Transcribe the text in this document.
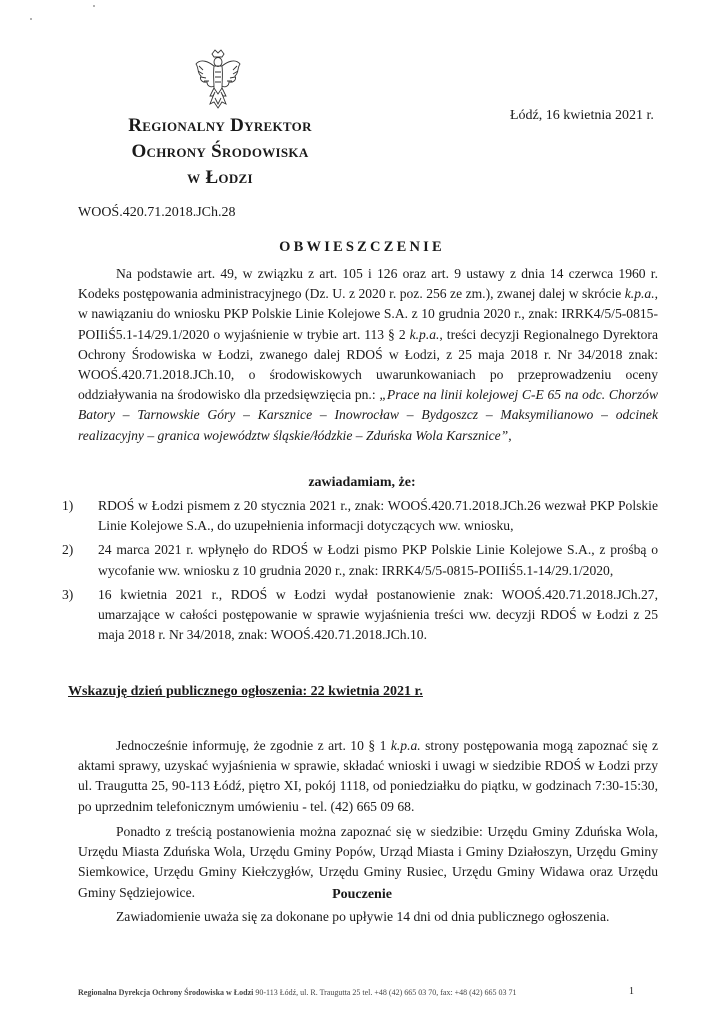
Regionalny Dyrektor
Ochrony Środowiska
w Łodzi
Łódź, 16 kwietnia 2021 r.
WOOŚ.420.71.2018.JCh.28
OBWIESZCZENIE
Na podstawie art. 49, w związku z art. 105 i 126 oraz art. 9 ustawy z dnia 14 czerwca 1960 r. Kodeks postępowania administracyjnego (Dz. U. z 2020 r. poz. 256 ze zm.), zwanej dalej w skrócie k.p.a., w nawiązaniu do wniosku PKP Polskie Linie Kolejowe S.A. z 10 grudnia 2020 r., znak: IRRK4/5/5-0815-POIIiŚ5.1-14/29.1/2020 o wyjaśnienie w trybie art. 113 § 2 k.p.a., treści decyzji Regionalnego Dyrektora Ochrony Środowiska w Łodzi, zwanego dalej RDOŚ w Łodzi, z 25 maja 2018 r. Nr 34/2018 znak: WOOŚ.420.71.2018.JCh.10, o środowiskowych uwarunkowaniach po przeprowadzeniu oceny oddziaływania na środowisko dla przedsięwzięcia pn.: „Prace na linii kolejowej C-E 65 na odc. Chorzów Batory – Tarnowskie Góry – Karsznice – Inowrocław – Bydgoszcz – Maksymilianowo – odcinek realizacyjny – granica województw śląskie/łódzkie – Zduńska Wola Karsznice”,
zawiadamiam, że:
1) RDOŚ w Łodzi pismem z 20 stycznia 2021 r., znak: WOOŚ.420.71.2018.JCh.26 wezwał PKP Polskie Linie Kolejowe S.A., do uzupełnienia informacji dotyczących ww. wniosku,
2) 24 marca 2021 r. wpłynęło do RDOŚ w Łodzi pismo PKP Polskie Linie Kolejowe S.A., z prośbą o wycofanie ww. wniosku z 10 grudnia 2020 r., znak: IRRK4/5/5-0815-POIIiŚ5.1-14/29.1/2020,
3) 16 kwietnia 2021 r., RDOŚ w Łodzi wydał postanowienie znak: WOOŚ.420.71.2018.JCh.27, umarzające w całości postępowanie w sprawie wyjaśnienia treści ww. decyzji RDOŚ w Łodzi z 25 maja 2018 r. Nr 34/2018, znak: WOOŚ.420.71.2018.JCh.10.
Wskazuję dzień publicznego ogłoszenia: 22 kwietnia 2021 r.
Jednocześnie informuję, że zgodnie z art. 10 § 1 k.p.a. strony postępowania mogą zapoznać się z aktami sprawy, uzyskać wyjaśnienia w sprawie, składać wnioski i uwagi w siedzibie RDOŚ w Łodzi przy ul. Traugutta 25, 90-113 Łódź, piętro XI, pokój 1118, od poniedziałku do piątku, w godzinach 7:30-15:30, po uprzednim telefonicznym umówieniu - tel. (42) 665 09 68.
Ponadto z treścią postanowienia można zapoznać się w siedzibie: Urzędu Gminy Zduńska Wola, Urzędu Miasta Zduńska Wola, Urzędu Gminy Popów, Urząd Miasta i Gminy Działoszyn, Urzędu Gminy Siemkowice, Urzędu Gminy Kiełczygłów, Urzędu Gminy Rusiec, Urzędu Gminy Widawa oraz Urzędu Gminy Sędziejowice.	Pouczenie
Zawiadomienie uważa się za dokonane po upływie 14 dni od dnia publicznego ogłoszenia.
Regionalna Dyrekcja Ochrony Środowiska w Łodzi 90-113 Łódź, ul. R. Traugutta 25 tel. +48 (42) 665 03 70, fax: +48 (42) 665 03 71	1
